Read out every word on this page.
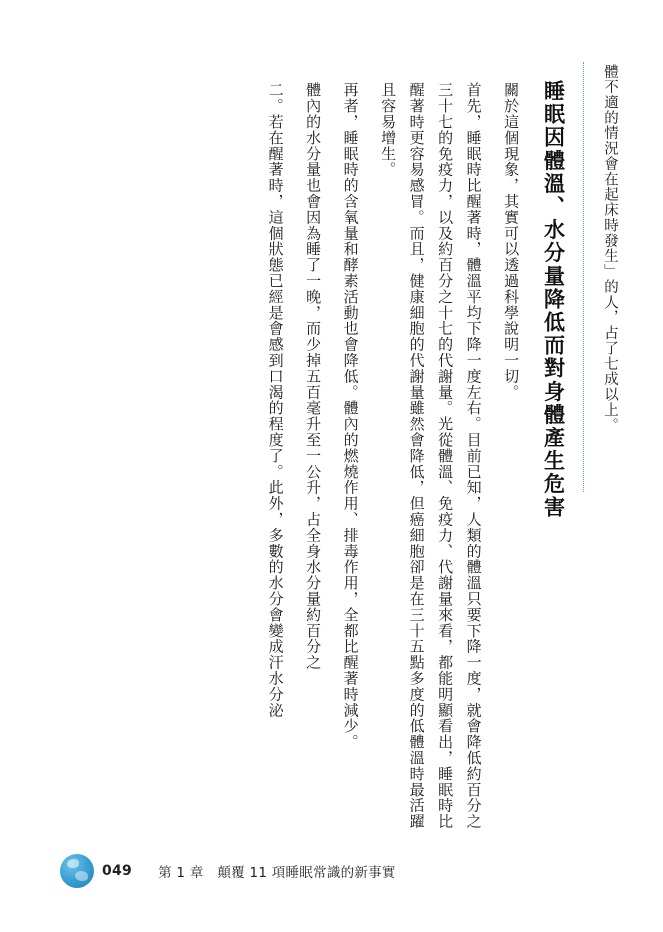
二。若在醒著時，這個狀態已經是會感到口渴的程度了。此外，多數的水分會變成汗水分泌	體內的水分量也會因為睡了一晚，而少掉五百毫升至一公升，占全身水分量約百分之	再者，睡眠時的含氧量和酵素活動也會降低。體內的燃燒作用、排毒作用，全都比醒著時減少。	首先，睡眠時比醒著時，體溫平均下降一度左右。目前已知，人類的體溫只要下降一度，就會降低約百分之三十七的免疫力，以及約百分之十七的代謝量。光從體溫、免疫力、代謝量來看，都能明顯看出，睡眠時比醒著時更容易感冒。而且，健康細胞的代謝量雖然會降低，但癌細胞卻是在三十五點多度的低體溫時最活躍且容易增生。	關於這個現象，其實可以透過科學說明一切。 睡眠因體溫、水分量降低而對身體產生危害	體不適的情況會在起床時發生」的人，占了七成以上。
049 第 1 章　顛覆 11 項睡眠常識的新事實
